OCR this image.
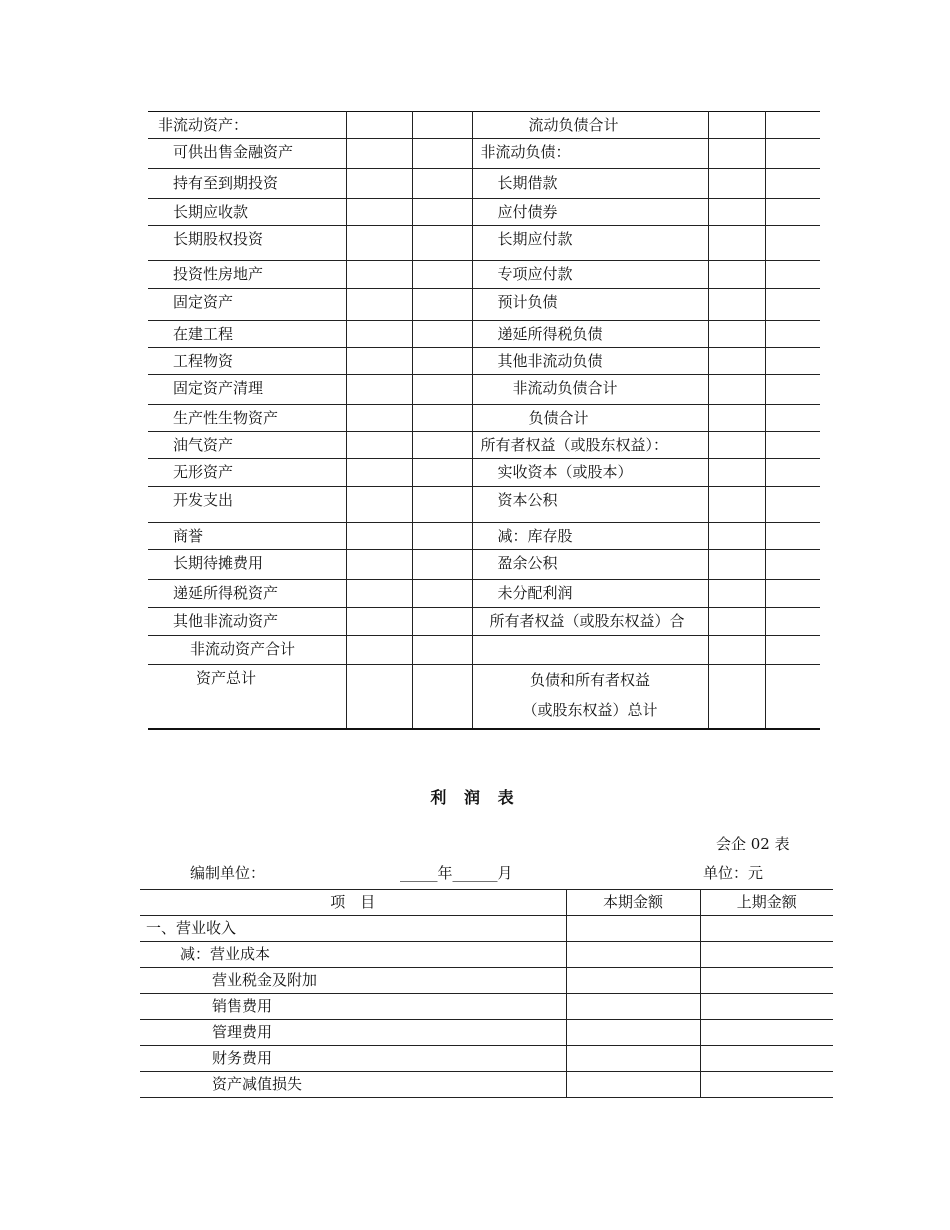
非流动资产：			流动负债合计		
可供出售金融资产			非流动负债：		
持有至到期投资			长期借款		
长期应收款			应付债券		
长期股权投资			长期应付款		
投资性房地产			专项应付款		
固定资产			预计负债		
在建工程			递延所得税负债		
工程物资			其他非流动负债		
固定资产清理			非流动负债合计		
生产性生物资产			负债合计		
油气资产			所有者权益（或股东权益）：		
无形资产			实收资本（或股本）		
开发支出			资本公积		
商誉			减：库存股		
长期待摊费用			盈余公积		
递延所得税资产			未分配利润		
其他非流动资产			所有者权益（或股东权益）合		
非流动资产合计					
资产总计			负债和所有者权益
（或股东权益）总计		

利 润 表
会企 02 表
编制单位：	_____年______月	单位：元
项　目	本期金额	上期金额
一、营业收入		
减：营业成本		
营业税金及附加		
销售费用		
管理费用		
财务费用		
资产减值损失		
